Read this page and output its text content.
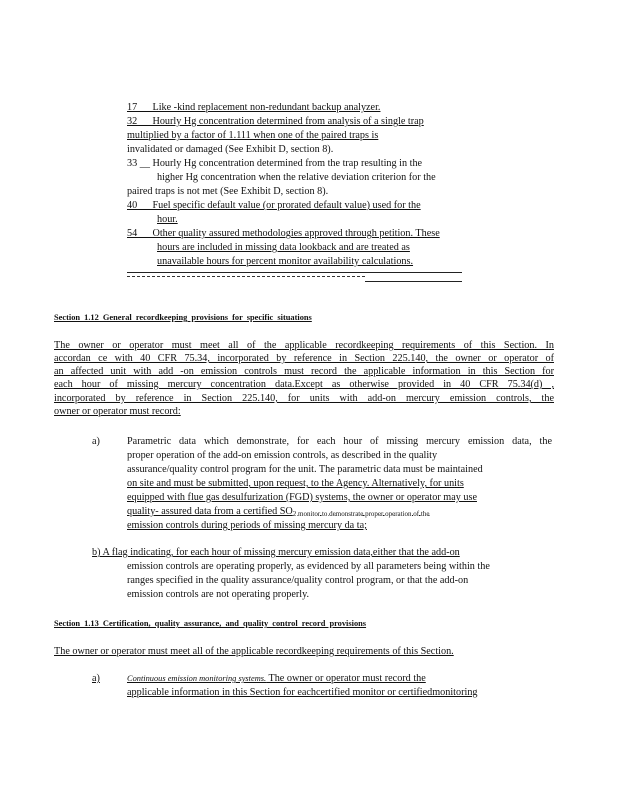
17 __ Like -kind replacement non-redundant backup analyzer.
32 __ Hourly Hg concentration determined from analysis of a single trap
multiplied by a factor of 1.111 when one of the paired traps is
invalidated or damaged (See Exhibit D, section 8).
33 __ Hourly Hg concentration determined from the trap resulting in the
higher Hg concentration when the relative deviation criterion for the
paired traps is not met (See Exhibit D, section 8).
40 __ Fuel specific default value (or prorated default value) used for the
hour.
54 __ Other quality assured methodologies approved through petition. These
hours are included in missing data lookback and are treated as
unavailable hours for percent monitor availability calculations.
Section 1.12 General recordkeeping provisions for specific situations
The owner or operator must meet all of the applicable recordkeeping requirements of this Section. In
accordan ce with 40 CFR 75.34, incorporated by reference in Section 225.140, the owner or operator of
an affected unit with add -on emission controls must record the applicable information in this Section for
each hour of missing mercury concentration data.Except as otherwise provided in 40 CFR 75.34(d) ,
incorporated by reference in Section 225.140, for units with add-on mercury emission controls, the
owner or operator must record:
a)	Parametric data which demonstrate, for each hour of missing mercury emission data, the
proper operation of the add-on emission controls, as described in the quality
assurance/quality control program for the unit. The parametric data must be maintained
on site and must be submitted, upon request, to the Agency. Alternatively, for units
equipped with flue gas desulfurization (FGD) systems, the owner or operator may use
quality- assured data from a certified $SO_{2 monitor to demonstrate proper operation of the}$
emission controls during periods of missing mercury da ta;
b) A flag indicating, for each hour of missing mercury emission data,either that the add-on
emission controls are operating properly, as evidenced by all parameters being within the
ranges specified in the quality assurance/quality control program, or that the add-on
emission controls are not operating properly.
Section 1.13 Certification, quality assurance, and quality control record provisions
The owner or operator must meet all of the applicable recordkeeping requirements of this Section.
a)	Continuous emission monitoring systems. The owner or operator must record the
applicable information in this Section for eachcertified monitor or certifiedmonitoring
